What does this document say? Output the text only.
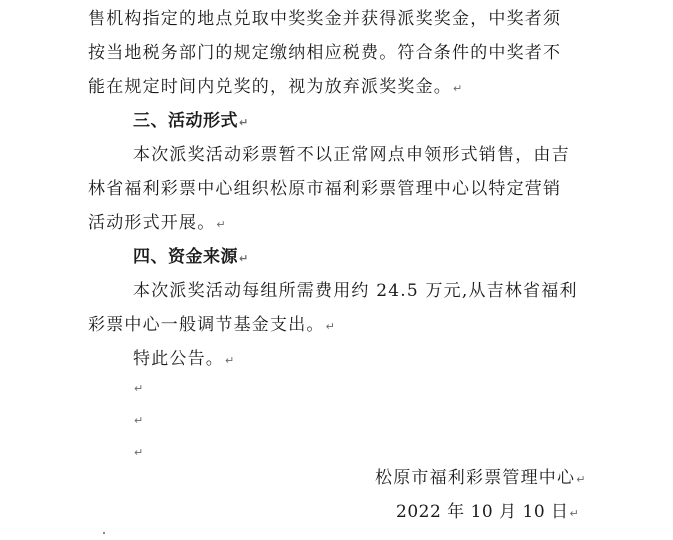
售机构指定的地点兑取中奖奖金并获得派奖奖金，中奖者须
按当地税务部门的规定缴纳相应税费。符合条件的中奖者不
能在规定时间内兑奖的，视为放弃派奖奖金。↵
三、活动形式↵
本次派奖活动彩票暂不以正常网点申领形式销售，由吉
林省福利彩票中心组织松原市福利彩票管理中心以特定营销
活动形式开展。↵
四、资金来源↵
本次派奖活动每组所需费用约 24.5 万元,从吉林省福利
彩票中心一般调节基金支出。↵
特此公告。↵
↵
↵
↵
松原市福利彩票管理中心↵
2022 年 10 月 10 日↵
